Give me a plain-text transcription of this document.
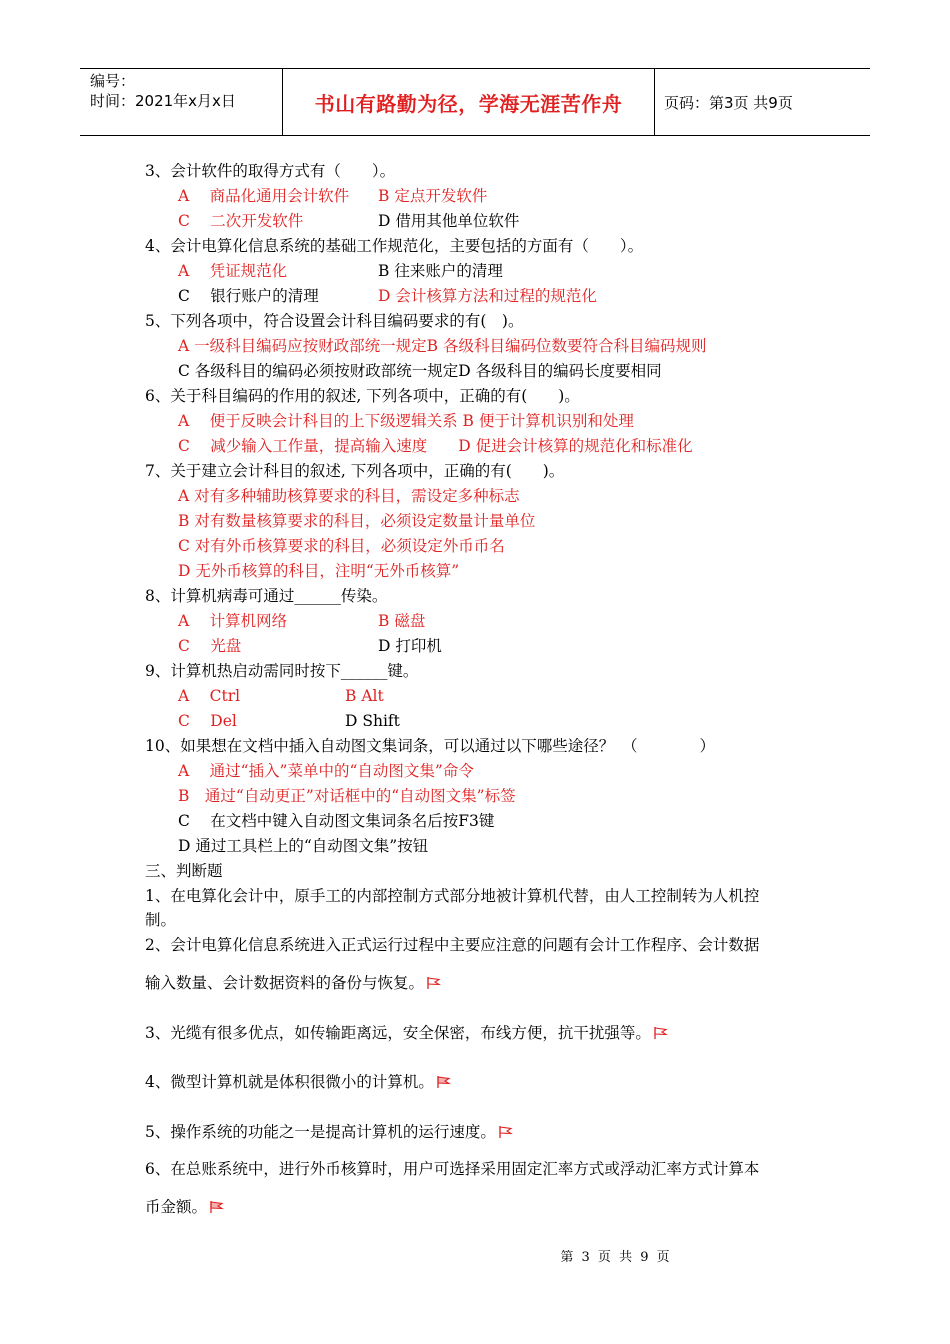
编号：
时间：2021年x月x日	书山有路勤为径，学海无涯苦作舟	页码：第3页 共9页
3、会计软件的取得方式有（　　）。
A　 商品化通用会计软件 B 定点开发软件
C　 二次开发软件	D 借用其他单位软件
4、会计电算化信息系统的基础工作规范化，主要包括的方面有（　　）。
A　 凭证规范化	B 往来账户的清理
C　 银行账户的清理	D 会计核算方法和过程的规范化
5、下列各项中，符合设置会计科目编码要求的有(　)。
A 一级科目编码应按财政部统一规定B 各级科目编码位数要符合科目编码规则
C 各级科目的编码必须按财政部统一规定D 各级科目的编码长度要相同
6、关于科目编码的作用的叙述, 下列各项中，正确的有(　　)。
A　 便于反映会计科目的上下级逻辑关系 B 便于计算机识别和处理
C　 减少输入工作量，提高输入速度　　D 促进会计核算的规范化和标准化
7、关于建立会计科目的叙述, 下列各项中，正确的有(　　)。
A 对有多种辅助核算要求的科目，需设定多种标志
B 对有数量核算要求的科目，必须设定数量计量单位
C 对有外币核算要求的科目，必须设定外币币名
D 无外币核算的科目，注明“无外币核算”
8、计算机病毒可通过______传染。
A　 计算机网络	B 磁盘
C　 光盘	D 打印机
9、计算机热启动需同时按下______键。
A　 Ctrl	B Alt
C　 Del	D Shift
10、如果想在文档中插入自动图文集词条，可以通过以下哪些途径？　（　　　　）
A　 通过“插入”菜单中的“自动图文集”命令
B　通过“自动更正”对话框中的“自动图文集”标签
C　 在文档中键入自动图文集词条名后按F3键
D 通过工具栏上的“自动图文集”按钮
三、判断题
1、在电算化会计中，原手工的内部控制方式部分地被计算机代替，由人工控制转为人机控
制。
2、会计电算化信息系统进入正式运行过程中主要应注意的问题有会计工作程序、会计数据
输入数量、会计数据资料的备份与恢复。
3、光缆有很多优点，如传输距离远，安全保密，布线方便，抗干扰强等。
4、微型计算机就是体积很微小的计算机。
5、操作系统的功能之一是提高计算机的运行速度。
6、在总账系统中，进行外币核算时，用户可选择采用固定汇率方式或浮动汇率方式计算本
币金额。
第 3 页 共 9 页
